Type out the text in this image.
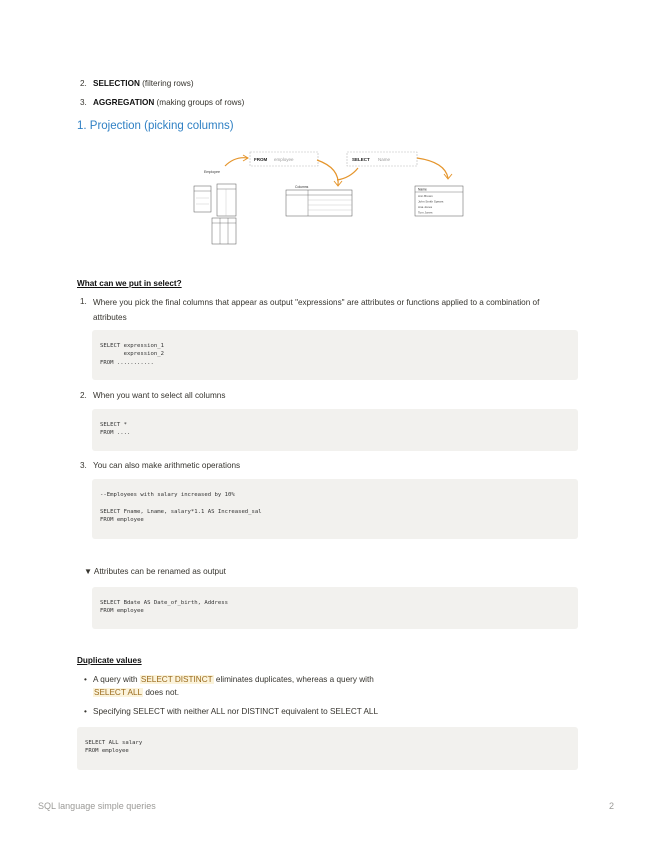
2. SELECTION (filtering rows)
3. AGGREGATION (making groups of rows)
1. Projection (picking columns)
FROM employee	SELECT Name
Employee
Columns
Name
Ann Brown
John Smith Spears
Ana Jones
Tom Jones
What can we put in select?
1. Where you pick the final columns that appear as output "expressions" are attributes or functions applied to a combination of attributes
SELECT expression_1
expression_2
FROM ...........
2. When you want to select all columns
SELECT *
FROM ....
3. You can also make arithmetic operations
--Employees with salary increased by 10%

SELECT Fname, Lname, salary*1.1 AS Increased_sal
FROM employee
▼ Attributes can be renamed as output
SELECT Bdate AS Date_of_birth, Address
FROM employee
Duplicate values
• A query with SELECT DISTINCT eliminates duplicates, whereas a query with
SELECT ALL does not.
• Specifying SELECT with neither ALL nor DISTINCT equivalent to SELECT ALL
SELECT ALL salary
FROM employee
SQL language simple queries	2
